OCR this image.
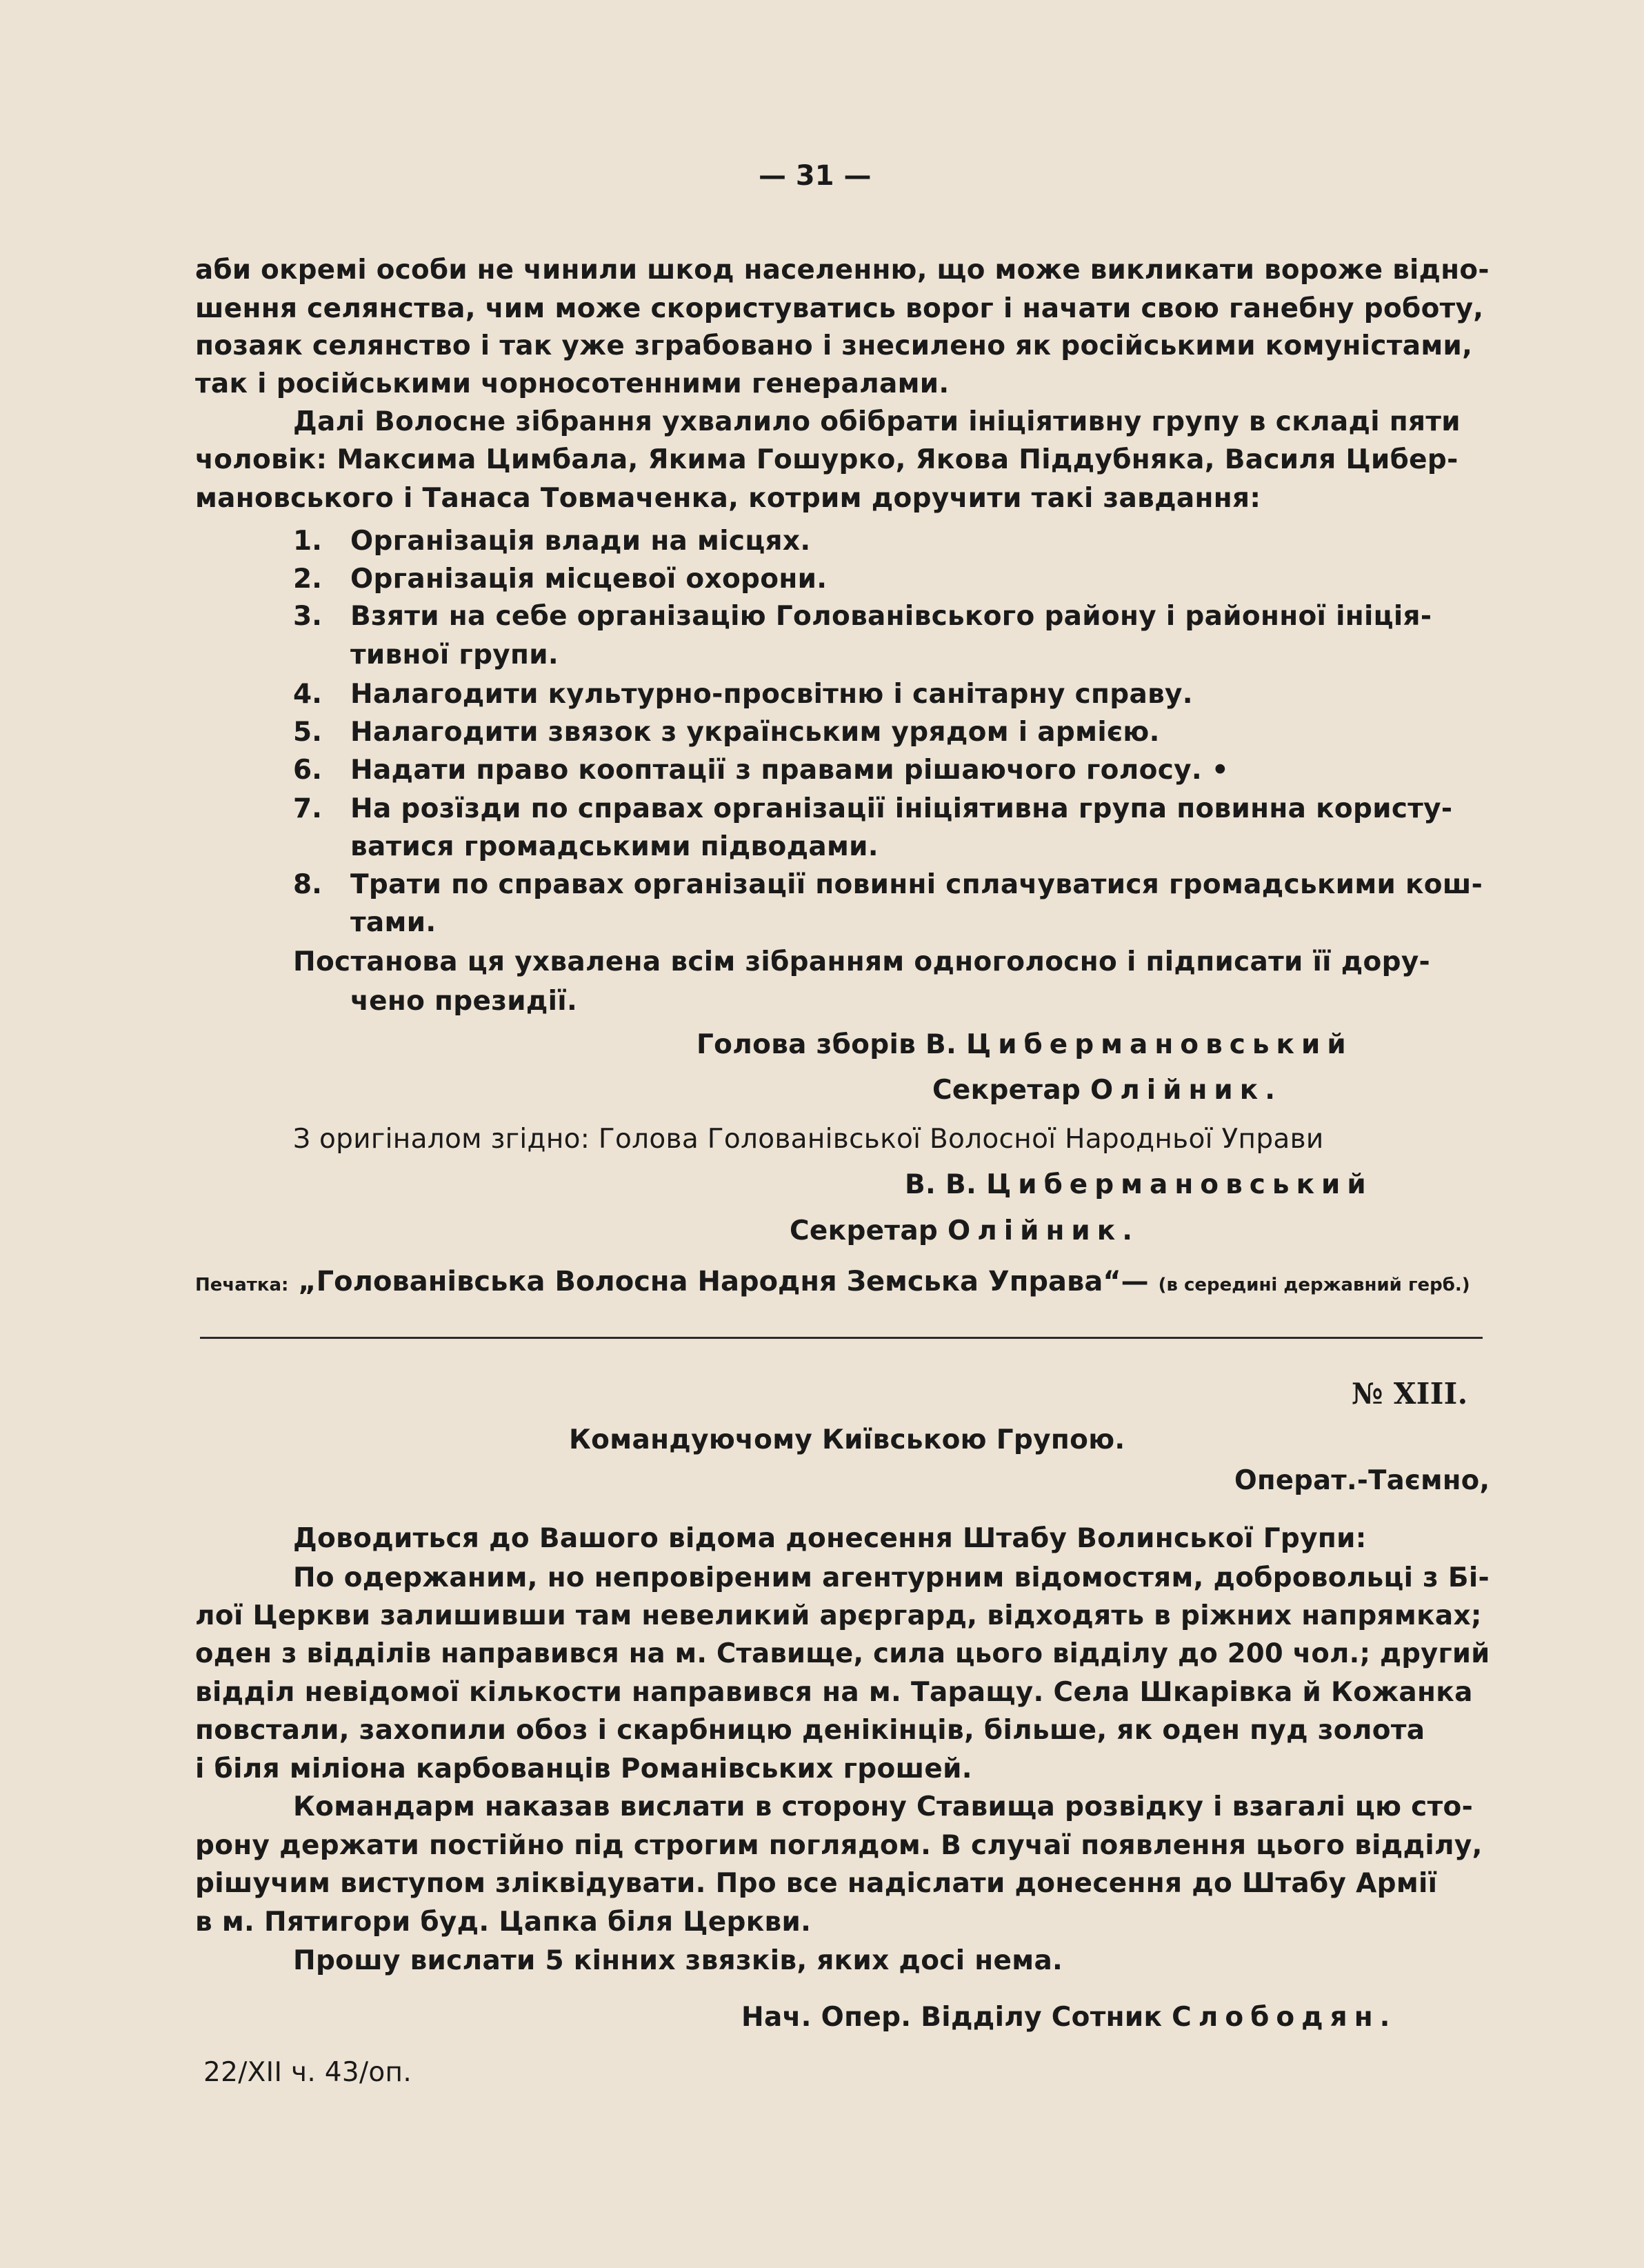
— 31 —
аби окремі особи не чинили шкод населенню, що може викликати вороже відно-
шення селянства, чим може скористуватись ворог і начати свою ганебну роботу,
позаяк селянство і так уже зграбовано і знесилено як російськими комуністами,
так і російськими чорносотенними генералами.
Далі Волосне зібрання ухвалило обібрати ініціятивну групу в складі пяти
чоловік: Максима Цимбала, Якима Гошурко, Якова Піддубняка, Василя Цибер-
мановського і Танаса Товмаченка, котрим доручити такі завдання:
1. Організація влади на місцях.
2. Організація місцевої охорони.
3. Взяти на себе організацію Голованівського району і районної ініція-
тивної групи.
4. Налагодити культурно-просвітню і санітарну справу.
5. Налагодити звязок з українським урядом і армією.
6. Надати право кооптації з правами рішаючого голосу. •
7. На розїзди по справах організації ініціятивна група повинна користу-
ватися громадськими підводами.
8. Трати по справах організації повинні сплачуватися громадськими кош-
тами.
Постанова ця ухвалена всім зібранням одноголосно і підписати її дору-
чено президії.
Голова зборів В. Цибермановський
Секретар Олійник.
З оригіналом згідно: Голова Голованівської Волосної Народньої Управи
В. В. Цибермановський
Секретар Олійник.
Печатка: „Голованівська Волосна Народня Земська Управа“— (в середині державний герб.)
№ XIII.
Командуючому Київською Групою.
Оперaт.-Таємно,
Доводиться до Вашого відома донесення Штабу Волинської Групи:
По одержаним, но непровіреним агентурним відомостям, добровольці з Бі-
лої Церкви залишивши там невеликий арєргард, відходять в ріжних напрямках;
оден з відділів направився на м. Ставище, сила цього відділу до 200 чол.; другий
відділ невідомої кількости направився на м. Таращу. Села Шкарівка й Кожанка
повстали, захопили обоз і скарбницю денікінців, більше, як оден пуд золота
і біля міліона карбованців Романівських грошей.
Командарм наказав вислати в сторону Ставища розвідку і взагалі цю сто-
рону держати постійно під строгим поглядом. В случаї появлення цього відділу,
рішучим виступом зліквідувати. Про все надіслати донесення до Штабу Армії
в м. Пятигори буд. Цапка біля Церкви.
Прошу вислати 5 кінних звязків, яких досі нема.
Нач. Опер. Відділу Сотник Слободян.
22/XII ч. 43/оп.
